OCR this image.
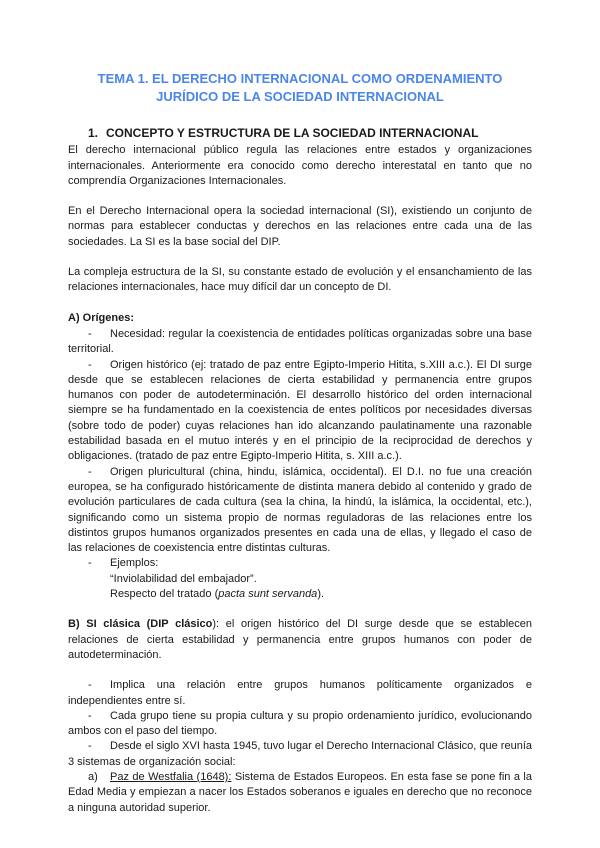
TEMA 1. EL DERECHO INTERNACIONAL COMO ORDENAMIENTO JURÍDICO DE LA SOCIEDAD INTERNACIONAL
1. CONCEPTO Y ESTRUCTURA DE LA SOCIEDAD INTERNACIONAL

El derecho internacional público regula las relaciones entre estados y organizaciones internacionales. Anteriormente era conocido como derecho interestatal en tanto que no comprendía Organizaciones Internacionales.

En el Derecho Internacional opera la sociedad internacional (SI), existiendo un conjunto de normas para establecer conductas y derechos en las relaciones entre cada una de las sociedades. La SI es la base social del DIP.

La compleja estructura de la SI, su constante estado de evolución y el ensanchamiento de las relaciones internacionales, hace muy difícil dar un concepto de DI.

A) Orígenes:
- Necesidad: regular la coexistencia de entidades políticas organizadas sobre una base territorial.
- Origen histórico (ej: tratado de paz entre Egipto-Imperio Hitita, s.XIII a.c.). El DI surge desde que se establecen relaciones de cierta estabilidad y permanencia entre grupos humanos con poder de autodeterminación. El desarrollo histórico del orden internacional siempre se ha fundamentado en la coexistencia de entes políticos por necesidades diversas (sobre todo de poder) cuyas relaciones han ido alcanzando paulatinamente una razonable estabilidad basada en el mutuo interés y en el principio de la reciprocidad de derechos y obligaciones. (tratado de paz entre Egipto-Imperio Hitita, s. XIII a.c.).
- Origen pluricultural (china, hindu, islámica, occidental). El D.I. no fue una creación europea, se ha configurado históricamente de distinta manera debido al contenido y grado de evolución particulares de cada cultura (sea la china, la hindú, la islámica, la occidental, etc.), significando como un sistema propio de normas reguladoras de las relaciones entre los distintos grupos humanos organizados presentes en cada una de ellas, y llegado el caso de las relaciones de coexistencia entre distintas culturas.
- Ejemplos:
“Inviolabilidad del embajador”.
Respecto del tratado (pacta sunt servanda).

B) SI clásica (DIP clásico): el origen histórico del DI surge desde que se establecen relaciones de cierta estabilidad y permanencia entre grupos humanos con poder de autodeterminación.

- Implica una relación entre grupos humanos políticamente organizados e independientes entre sí.
- Cada grupo tiene su propia cultura y su propio ordenamiento jurídico, evolucionando ambos con el paso del tiempo.
- Desde el siglo XVI hasta 1945, tuvo lugar el Derecho Internacional Clásico, que reunía 3 sistemas de organización social:
a) Paz de Westfalia (1648): Sistema de Estados Europeos. En esta fase se pone fin a la Edad Media y empiezan a nacer los Estados soberanos e iguales en derecho que no reconoce a ninguna autoridad superior.
